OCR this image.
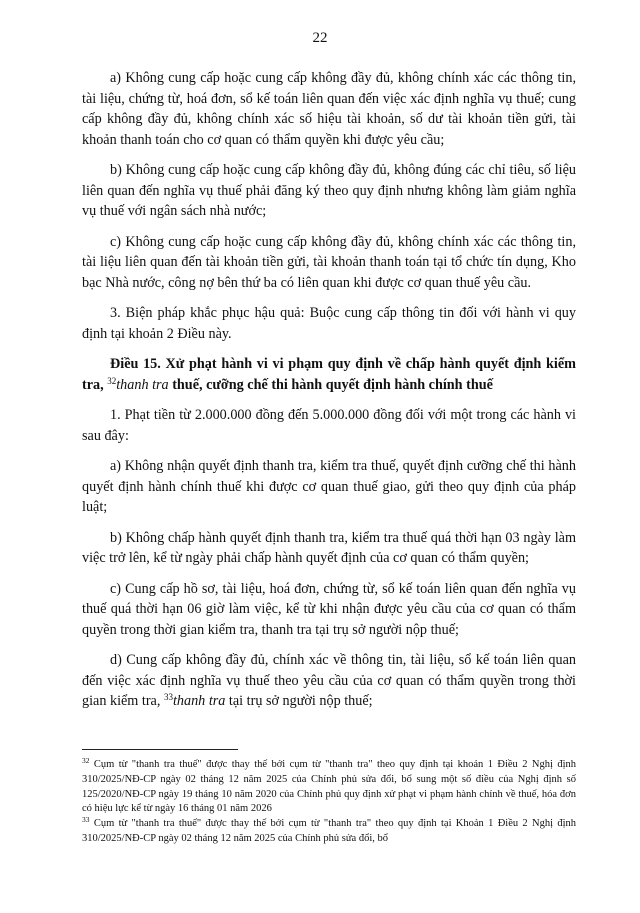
22

a) Không cung cấp hoặc cung cấp không đầy đủ, không chính xác các thông tin, tài liệu, chứng từ, hoá đơn, sổ kế toán liên quan đến việc xác định nghĩa vụ thuế; cung cấp không đầy đủ, không chính xác số hiệu tài khoản, số dư tài khoản tiền gửi, tài khoản thanh toán cho cơ quan có thẩm quyền khi được yêu cầu;

b) Không cung cấp hoặc cung cấp không đầy đủ, không đúng các chỉ tiêu, số liệu liên quan đến nghĩa vụ thuế phải đăng ký theo quy định nhưng không làm giảm nghĩa vụ thuế với ngân sách nhà nước;

c) Không cung cấp hoặc cung cấp không đầy đủ, không chính xác các thông tin, tài liệu liên quan đến tài khoản tiền gửi, tài khoản thanh toán tại tổ chức tín dụng, Kho bạc Nhà nước, công nợ bên thứ ba có liên quan khi được cơ quan thuế yêu cầu.

3. Biện pháp khắc phục hậu quả: Buộc cung cấp thông tin đối với hành vi quy định tại khoản 2 Điều này.

Điều 15. Xử phạt hành vi vi phạm quy định về chấp hành quyết định kiểm tra, $^{32}$thanh tra thuế, cưỡng chế thi hành quyết định hành chính thuế

1. Phạt tiền từ 2.000.000 đồng đến 5.000.000 đồng đối với một trong các hành vi sau đây:

a) Không nhận quyết định thanh tra, kiểm tra thuế, quyết định cưỡng chế thi hành quyết định hành chính thuế khi được cơ quan thuế giao, gửi theo quy định của pháp luật;

b) Không chấp hành quyết định thanh tra, kiểm tra thuế quá thời hạn 03 ngày làm việc trở lên, kể từ ngày phải chấp hành quyết định của cơ quan có thẩm quyền;

c) Cung cấp hồ sơ, tài liệu, hoá đơn, chứng từ, sổ kế toán liên quan đến nghĩa vụ thuế quá thời hạn 06 giờ làm việc, kể từ khi nhận được yêu cầu của cơ quan có thẩm quyền trong thời gian kiểm tra, thanh tra tại trụ sở người nộp thuế;

d) Cung cấp không đầy đủ, chính xác về thông tin, tài liệu, sổ kế toán liên quan đến việc xác định nghĩa vụ thuế theo yêu cầu của cơ quan có thẩm quyền trong thời gian kiểm tra, $^{33}$thanh tra tại trụ sở người nộp thuế;

$^{32}$ Cụm từ "thanh tra thuế" được thay thế bởi cụm từ "thanh tra" theo quy định tại khoản 1 Điều 2 Nghị định 310/2025/NĐ-CP ngày 02 tháng 12 năm 2025 của Chính phủ sửa đổi, bổ sung một số điều của Nghị định số 125/2020/NĐ-CP ngày 19 tháng 10 năm 2020 của Chính phủ quy định xử phạt vi phạm hành chính về thuế, hóa đơn có hiệu lực kể từ ngày 16 tháng 01 năm 2026

$^{33}$ Cụm từ "thanh tra thuế" được thay thế bởi cụm từ "thanh tra" theo quy định tại Khoản 1 Điều 2 Nghị định 310/2025/NĐ-CP ngày 02 tháng 12 năm 2025 của Chính phủ sửa đổi, bổ
